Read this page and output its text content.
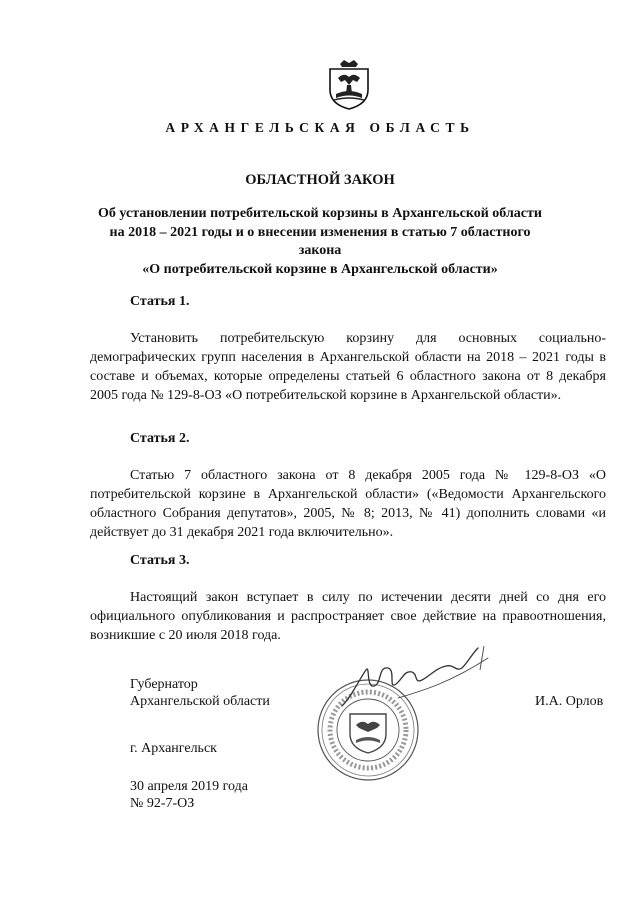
АРХАНГЕЛЬСКАЯ ОБЛАСТЬ
ОБЛАСТНОЙ ЗАКОН
Об установлении потребительской корзины в Архангельской области
на 2018 – 2021 годы и о внесении изменения в статью 7 областного закона
«О потребительской корзине в Архангельской области»
Статья 1.
Установить потребительскую корзину для основных социально-демографических групп населения в Архангельской области на 2018 – 2021 годы в составе и объемах, которые определены статьей 6 областного закона от 8 декабря 2005 года № 129-8-ОЗ «О потребительской корзине в Архангельской области».
Статья 2.
Статью 7 областного закона от 8 декабря 2005 года № 129-8-ОЗ «О потребительской корзине в Архангельской области» («Ведомости Архангельского областного Собрания депутатов», 2005, № 8; 2013, № 41) дополнить словами «и действует до 31 декабря 2021 года включительно».
Статья 3.
Настоящий закон вступает в силу по истечении десяти дней со дня его официального опубликования и распространяет свое действие на правоотношения, возникшие с 20 июля 2018 года.
Губернатор
Архангельской области	И.А. Орлов
г. Архангельск
30 апреля 2019 года
№ 92-7-ОЗ
